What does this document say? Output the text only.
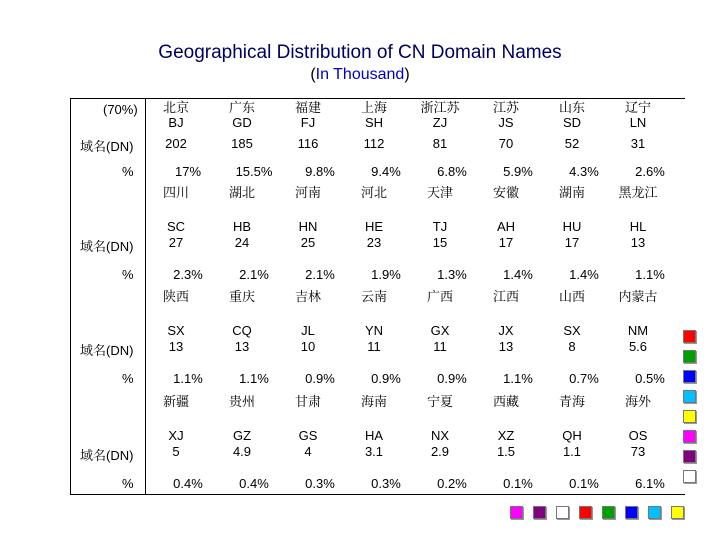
Geographical Distribution of CN Domain Names
(In Thousand)
(70%)
域名(DN)
%
北京
BJ
202
17%
广东
GD
185
15.5%
福建
FJ
116
9.8%
上海
SH
112
9.4%
浙江苏
ZJ
81
6.8%
江苏
JS
70
5.9%
山东
SD
52
4.3%
辽宁
LN
31
2.6%
域名(DN)
%
四川
SC
27
2.3%
湖北
HB
24
2.1%
河南
HN
25
2.1%
河北
HE
23
1.9%
天津
TJ
15
1.3%
安徽
AH
17
1.4%
湖南
HU
17
1.4%
黑龙江
HL
13
1.1%
域名(DN)
%
陕西
SX
13
1.1%
重庆
CQ
13
1.1%
吉林
JL
10
0.9%
云南
YN
11
0.9%
广西
GX
11
0.9%
江西
JX
13
1.1%
山西
SX
8
0.7%
内蒙古
NM
5.6
0.5%
域名(DN)
%
新疆
XJ
5
0.4%
贵州
GZ
4.9
0.4%
甘肃
GS
4
0.3%
海南
HA
3.1
0.3%
宁夏
NX
2.9
0.2%
西藏
XZ
1.5
0.1%
青海
QH
1.1
0.1%
海外
OS
73
6.1%
